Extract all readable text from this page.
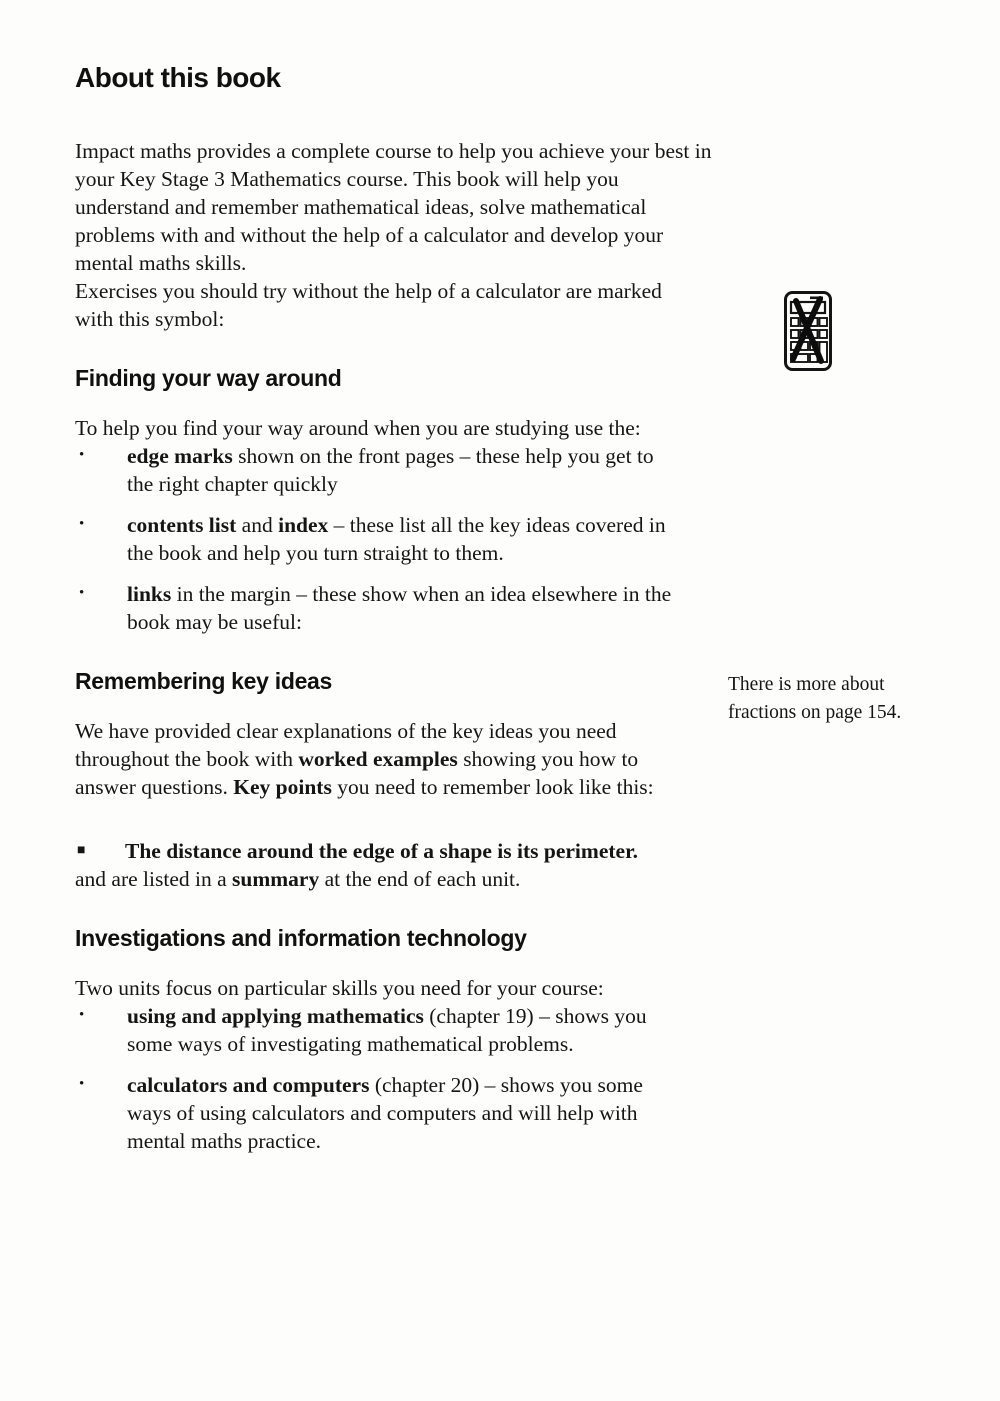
About this book

Impact maths provides a complete course to help you achieve your best in your Key Stage 3 Mathematics course. This book will help you understand and remember mathematical ideas, solve mathematical problems with and without the help of a calculator and develop your mental maths skills.

Exercises you should try without the help of a calculator are marked with this symbol:

Finding your way around

To help you find your way around when you are studying use the:

•	edge marks shown on the front pages – these help you get to the right chapter quickly
•	contents list and index – these list all the key ideas covered in the book and help you turn straight to them.
•	links in the margin – these show when an idea elsewhere in the book may be useful:
Remembering key ideas

We have provided clear explanations of the key ideas you need throughout the book with worked examples showing you how to answer questions. Key points you need to remember look like this:

■	The distance around the edge of a shape is its perimeter.

and are listed in a summary at the end of each unit.

Investigations and information technology

Two units focus on particular skills you need for your course:

•	using and applying mathematics (chapter 19) – shows you some ways of investigating mathematical problems.
•	calculators and computers (chapter 20) – shows you some ways of using calculators and computers and will help with mental maths practice.
There is more about fractions on page 154.
